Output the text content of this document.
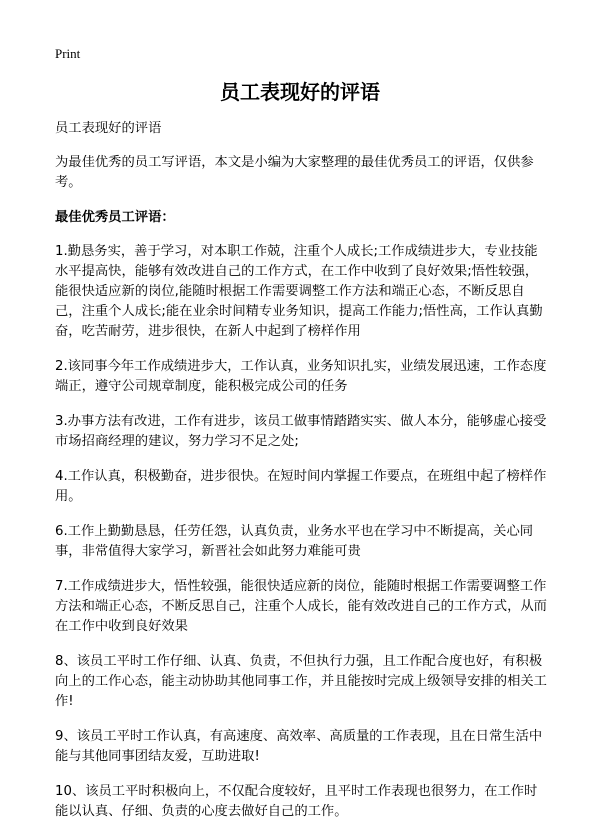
Print
员工表现好的评语

员工表现好的评语

为最佳优秀的员工写评语，本文是小编为大家整理的最佳优秀员工的评语，仅供参考。

最佳优秀员工评语：

1.勤恳务实，善于学习，对本职工作兢，注重个人成长;工作成绩进步大，专业技能水平提高快，能够有效改进自己的工作方式，在工作中收到了良好效果;悟性较强，能很快适应新的岗位,能随时根据工作需要调整工作方法和端正心态，不断反思自己，注重个人成长;能在业余时间精专业务知识，提高工作能力;悟性高，工作认真勤奋，吃苦耐劳，进步很快，在新人中起到了榜样作用

2.该同事今年工作成绩进步大，工作认真，业务知识扎实，业绩发展迅速，工作态度端正，遵守公司规章制度，能积极完成公司的任务

3.办事方法有改进，工作有进步，该员工做事情踏踏实实、做人本分，能够虚心接受市场招商经理的建议，努力学习不足之处;

4.工作认真，积极勤奋，进步很快。在短时间内掌握工作要点，在班组中起了榜样作用。

6.工作上勤勤恳恳，任劳任怨，认真负责，业务水平也在学习中不断提高，关心同事，非常值得大家学习，新晋社会如此努力难能可贵

7.工作成绩进步大，悟性较强，能很快适应新的岗位，能随时根据工作需要调整工作方法和端正心态，不断反思自己，注重个人成长，能有效改进自己的工作方式，从而在工作中收到良好效果

8、该员工平时工作仔细、认真、负责，不但执行力强，且工作配合度也好，有积极向上的工作心态，能主动协助其他同事工作，并且能按时完成上级领导安排的相关工作!

9、该员工平时工作认真，有高速度、高效率、高质量的工作表现，且在日常生活中能与其他同事团结友爱，互助进取!

10、该员工平时积极向上，不仅配合度较好，且平时工作表现也很努力，在工作时能以认真、仔细、负责的心度去做好自己的工作。
